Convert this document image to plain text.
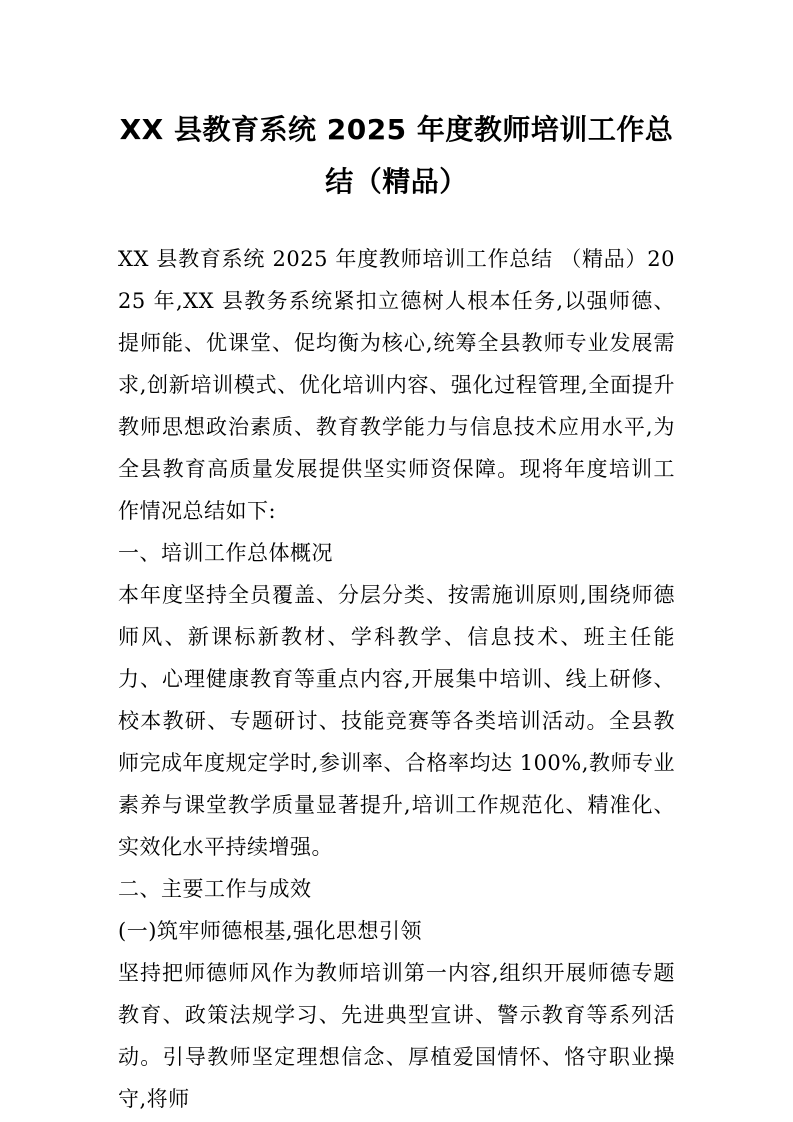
XX 县教育系统 2025 年度教师培训工作总结（精品）

XX 县教育系统 2025 年度教师培训工作总结 （精品）2025 年,XX 县教务系统紧扣立德树人根本任务,以强师德、提师能、优课堂、促均衡为核心,统筹全县教师专业发展需求,创新培训模式、优化培训内容、强化过程管理,全面提升教师思想政治素质、教育教学能力与信息技术应用水平,为全县教育高质量发展提供坚实师资保障。现将年度培训工作情况总结如下:

一、培训工作总体概况

本年度坚持全员覆盖、分层分类、按需施训原则,围绕师德师风、新课标新教材、学科教学、信息技术、班主任能力、心理健康教育等重点内容,开展集中培训、线上研修、校本教研、专题研讨、技能竞赛等各类培训活动。全县教师完成年度规定学时,参训率、合格率均达 100%,教师专业素养与课堂教学质量显著提升,培训工作规范化、精准化、实效化水平持续增强。

二、主要工作与成效
(一)筑牢师德根基,强化思想引领

坚持把师德师风作为教师培训第一内容,组织开展师德专题教育、政策法规学习、先进典型宣讲、警示教育等系列活动。引导教师坚定理想信念、厚植爱国情怀、恪守职业操守,将师
